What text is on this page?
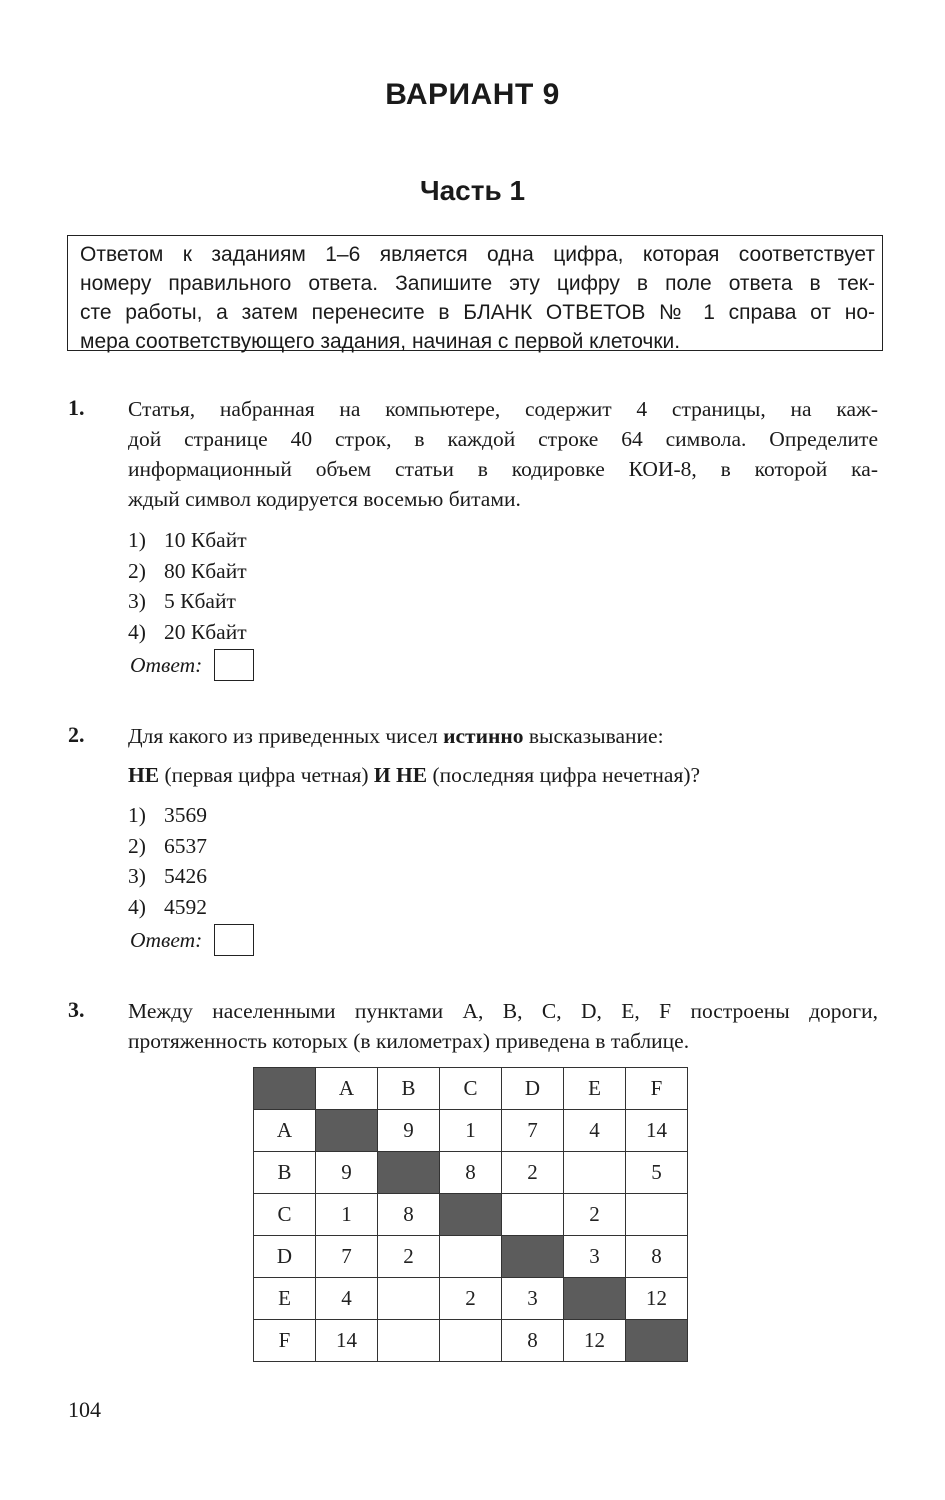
ВАРИАНТ 9
Часть 1
Ответом к заданиям 1–6 является одна цифра, которая соответствует
номеру правильного ответа. Запишите эту цифру в поле ответа в тек-
сте работы, а затем перенесите в БЛАНК ОТВЕТОВ № 1 справа от но-
мера соответствующего задания, начиная с первой клеточки.
1. Статья, набранная на компьютере, содержит 4 страницы, на каж-
дой странице 40 строк, в каждой строке 64 символа. Определите
информационный объем статьи в кодировке КОИ-8, в которой ка-
ждый символ кодируется восемью битами.
1) 10 Кбайт
2) 80 Кбайт
3) 5 Кбайт
4) 20 Кбайт
Ответ:
2. Для какого из приведенных чисел истинно высказывание:
НЕ (первая цифра четная) И НЕ (последняя цифра нечетная)?
1) 3569
2) 6537
3) 5426
4) 4592
Ответ:
3. Между населенными пунктами A, B, C, D, E, F построены дороги,
протяженность которых (в километрах) приведена в таблице.
	A	B	C	D	E	F
A		9	1	7	4	14
B	9		8	2		5
C	1	8			2	
D	7	2			3	8
E	4		2	3		12
F	14			8	12	
104
